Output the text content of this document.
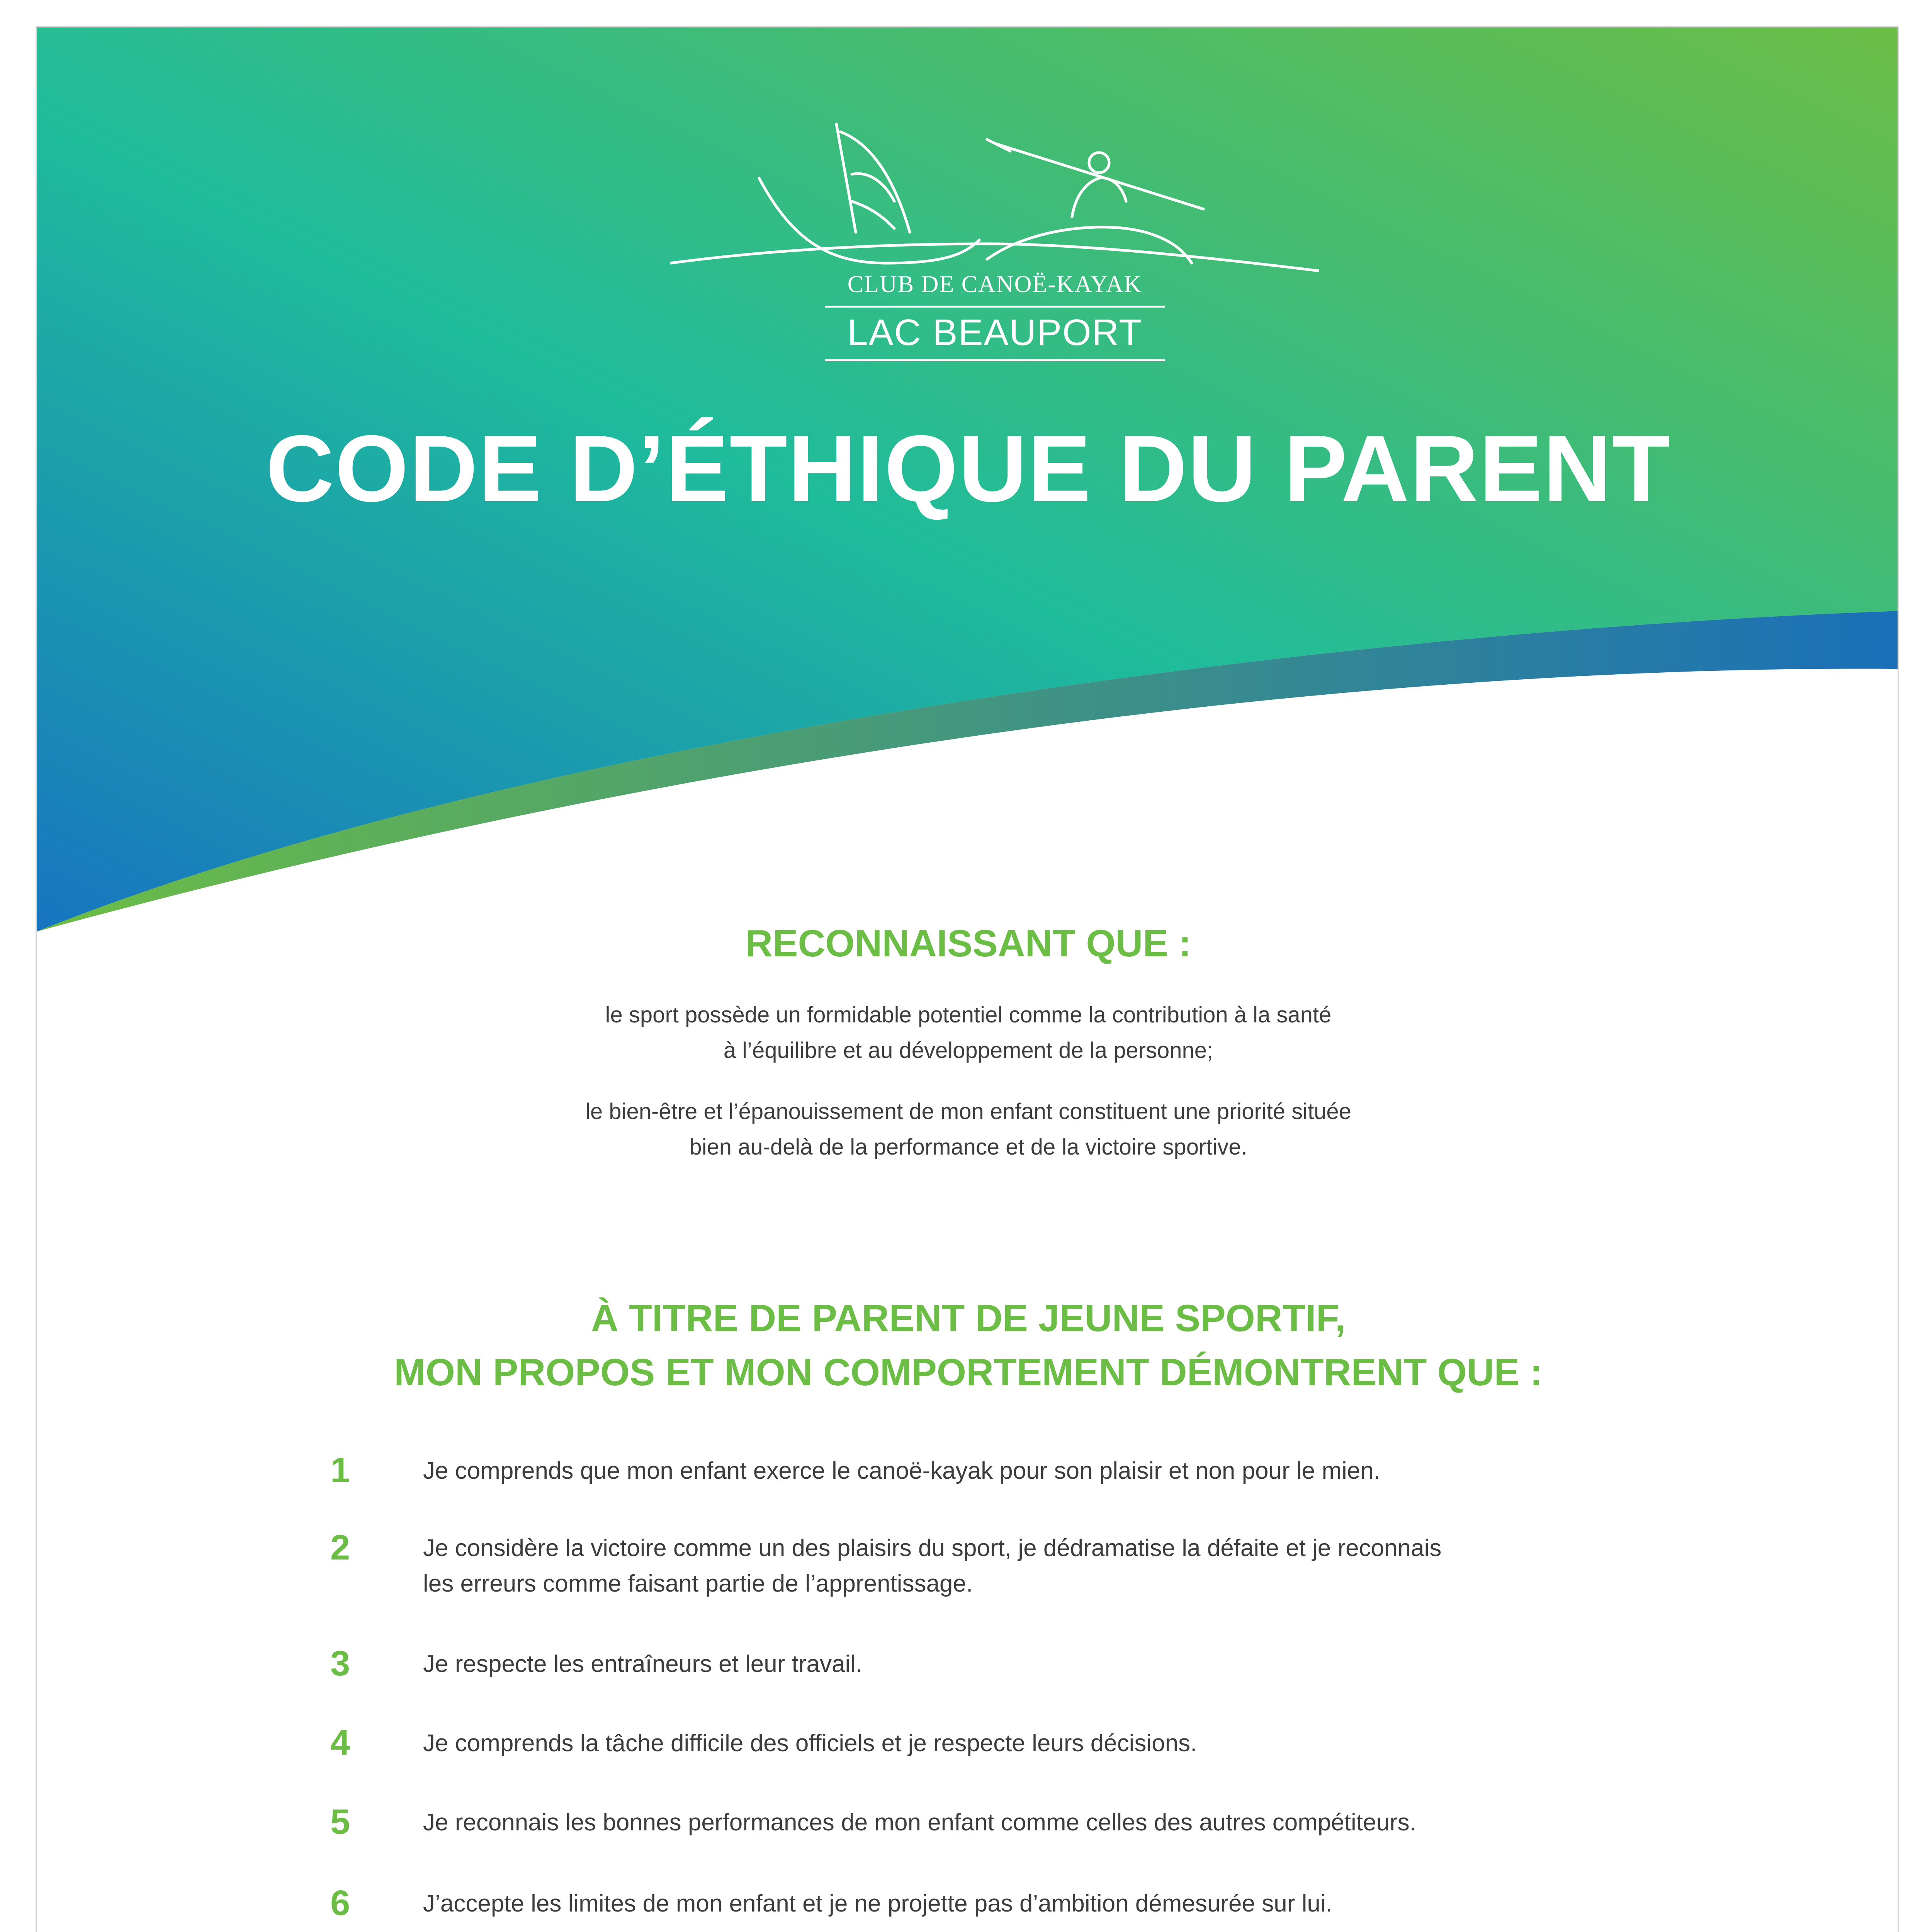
CLUB DE CANOË-KAYAK
LAC BEAUPORT
CODE D’ÉTHIQUE DU PARENT
RECONNAISSANT QUE :
le sport possède un formidable potentiel comme la contribution à la santé
à l’équilibre et au développement de la personne;
le bien-être et l’épanouissement de mon enfant constituent une priorité située
bien au-delà de la performance et de la victoire sportive.
À TITRE DE PARENT DE JEUNE SPORTIF,
MON PROPOS ET MON COMPORTEMENT DÉMONTRENT QUE :
1	Je comprends que mon enfant exerce le canoë-kayak pour son plaisir et non pour le mien.
2	Je considère la victoire comme un des plaisirs du sport, je dédramatise la défaite et je reconnais
les erreurs comme faisant partie de l’apprentissage.
3	Je respecte les entraîneurs et leur travail.
4	Je comprends la tâche difficile des officiels et je respecte leurs décisions.
5	Je reconnais les bonnes performances de mon enfant comme celles des autres compétiteurs.
6	J’accepte les limites de mon enfant et je ne projette pas d’ambition démesurée sur lui.
